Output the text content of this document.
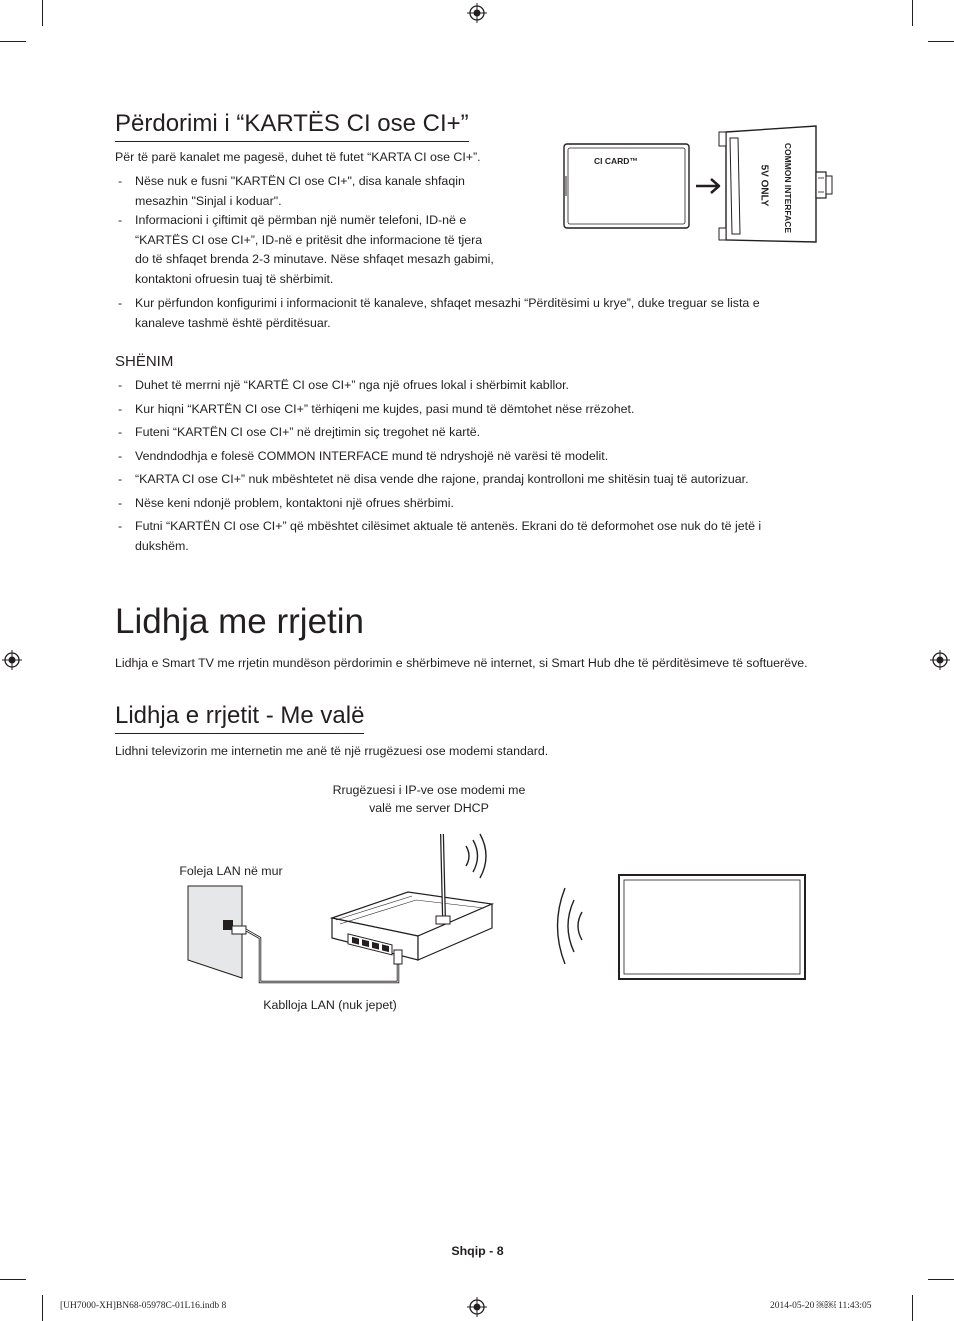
Përdorimi i “KARTËS CI ose CI+”
Për të parë kanalet me pagesë, duhet të futet “KARTA CI ose CI+”.
- Nëse nuk e fusni "KARTËN CI ose CI+", disa kanale shfaqin
mesazhin "Sinjal i koduar".
- Informacioni i çiftimit që përmban një numër telefoni, ID-në e
“KARTËS CI ose CI+”, ID-në e pritësit dhe informacione të tjera
do të shfaqet brenda 2-3 minutave. Nëse shfaqet mesazh gabimi,
kontaktoni ofruesin tuaj të shërbimit.
- Kur përfundon konfigurimi i informacionit të kanaleve, shfaqet mesazhi “Përditësimi u krye”, duke treguar se lista e
kanaleve tashmë është përditësuar.
CI CARD™	COMMON INTERFACE
5V ONLY
SHËNIM
- Duhet të merrni një “KARTË CI ose CI+” nga një ofrues lokal i shërbimit kabllor.
- Kur hiqni “KARTËN CI ose CI+” tërhiqeni me kujdes, pasi mund të dëmtohet nëse rrëzohet.
- Futeni “KARTËN CI ose CI+” në drejtimin siç tregohet në kartë.
- Vendndodhja e folesë COMMON INTERFACE mund të ndryshojë në varësi të modelit.
- “KARTA CI ose CI+” nuk mbështetet në disa vende dhe rajone, prandaj kontrolloni me shitësin tuaj të autorizuar.
- Nëse keni ndonjë problem, kontaktoni një ofrues shërbimi.
- Futni “KARTËN CI ose CI+” që mbështet cilësimet aktuale të antenës. Ekrani do të deformohet ose nuk do të jetë i
dukshëm.
Lidhja me rrjetin
Lidhja e Smart TV me rrjetin mundëson përdorimin e shërbimeve në internet, si Smart Hub dhe të përditësimeve të softuerëve.
Lidhja e rrjetit - Me valë
Lidhni televizorin me internetin me anë të një rrugëzuesi ose modemi standard.
Rrugëzuesi i IP-ve ose modemi me
valë me server DHCP
Foleja LAN në mur
Kablloja LAN (nuk jepet)
Shqip - 8
[UH7000-XH]BN68-05978C-01L16.indb 8	2014-05-20 ￼￼ 11:43:05
